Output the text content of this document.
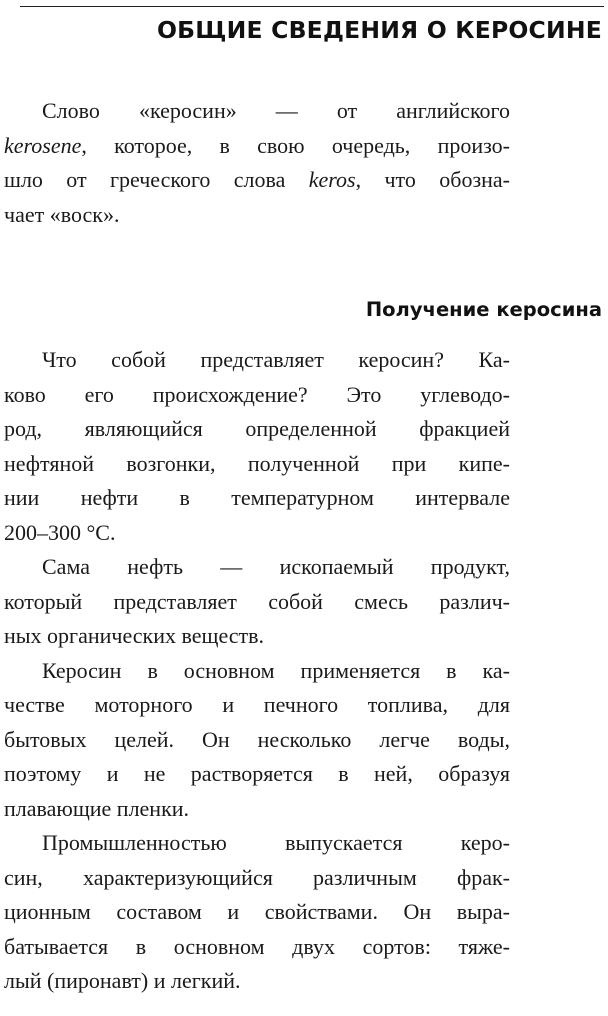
ОБЩИЕ СВЕДЕНИЯ О КЕРОСИНЕ
Слово «керосин» — от английского
kerosene, которое, в свою очередь, произо-
шло от греческого слова keros, что обозна-
чает «воск».
Получение керосина
Что собой представляет керосин? Ка-
ково его происхождение? Это углеводо-
род, являющийся определенной фракцией
нефтяной возгонки, полученной при кипе-
нии нефти в температурном интервале
200–300 °С.
Сама нефть — ископаемый продукт,
который представляет собой смесь различ-
ных органических веществ.
Керосин в основном применяется в ка-
честве моторного и печного топлива, для
бытовых целей. Он несколько легче воды,
поэтому и не растворяется в ней, образуя
плавающие пленки.
Промышленностью выпускается керо-
син, характеризующийся различным фрак-
ционным составом и свойствами. Он выра-
батывается в основном двух сортов: тяже-
лый (пиронавт) и легкий.
